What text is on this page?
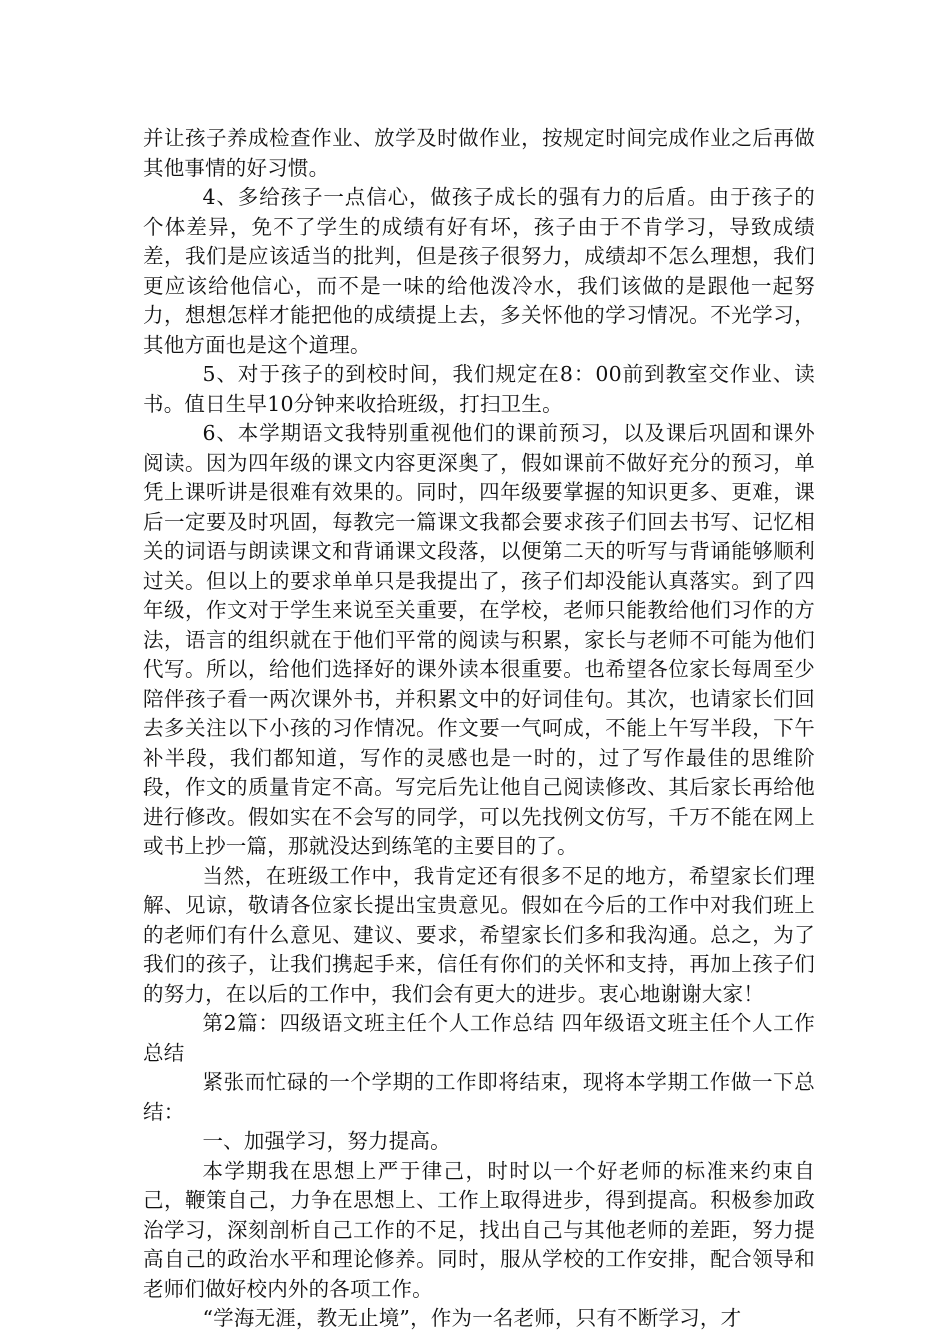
并让孩子养成检查作业、放学及时做作业，按规定时间完成作业之后再做其他事情的好习惯。

4、多给孩子一点信心，做孩子成长的强有力的后盾。由于孩子的个体差异，免不了学生的成绩有好有坏，孩子由于不肯学习，导致成绩差，我们是应该适当的批判，但是孩子很努力，成绩却不怎么理想，我们更应该给他信心，而不是一味的给他泼冷水，我们该做的是跟他一起努力，想想怎样才能把他的成绩提上去，多关怀他的学习情况。不光学习，其他方面也是这个道理。

5、对于孩子的到校时间，我们规定在8：00前到教室交作业、读书。值日生早10分钟来收拾班级，打扫卫生。

6、本学期语文我特别重视他们的课前预习，以及课后巩固和课外阅读。因为四年级的课文内容更深奥了，假如课前不做好充分的预习，单凭上课听讲是很难有效果的。同时，四年级要掌握的知识更多、更难，课后一定要及时巩固，每教完一篇课文我都会要求孩子们回去书写、记忆相关的词语与朗读课文和背诵课文段落，以便第二天的听写与背诵能够顺利过关。但以上的要求单单只是我提出了，孩子们却没能认真落实。到了四年级，作文对于学生来说至关重要，在学校，老师只能教给他们习作的方法，语言的组织就在于他们平常的阅读与积累，家长与老师不可能为他们代写。所以，给他们选择好的课外读本很重要。也希望各位家长每周至少陪伴孩子看一两次课外书，并积累文中的好词佳句。其次，也请家长们回去多关注以下小孩的习作情况。作文要一气呵成，不能上午写半段，下午补半段，我们都知道，写作的灵感也是一时的，过了写作最佳的思维阶段，作文的质量肯定不高。写完后先让他自己阅读修改、其后家长再给他进行修改。假如实在不会写的同学，可以先找例文仿写，千万不能在网上或书上抄一篇，那就没达到练笔的主要目的了。

当然，在班级工作中，我肯定还有很多不足的地方，希望家长们理解、见谅，敬请各位家长提出宝贵意见。假如在今后的工作中对我们班上的老师们有什么意见、建议、要求，希望家长们多和我沟通。总之，为了我们的孩子，让我们携起手来，信任有你们的关怀和支持，再加上孩子们的努力，在以后的工作中，我们会有更大的进步。衷心地谢谢大家！

第2篇：四级语文班主任个人工作总结 四年级语文班主任个人工作总结

紧张而忙碌的一个学期的工作即将结束，现将本学期工作做一下总结：

一、加强学习，努力提高。

本学期我在思想上严于律己，时时以一个好老师的标准来约束自己，鞭策自己，力争在思想上、工作上取得进步，得到提高。积极参加政治学习，深刻剖析自己工作的不足，找出自己与其他老师的差距，努力提高自己的政治水平和理论修养。同时，服从学校的工作安排，配合领导和老师们做好校内外的各项工作。

“学海无涯，教无止境”，作为一名老师，只有不断学习，才
